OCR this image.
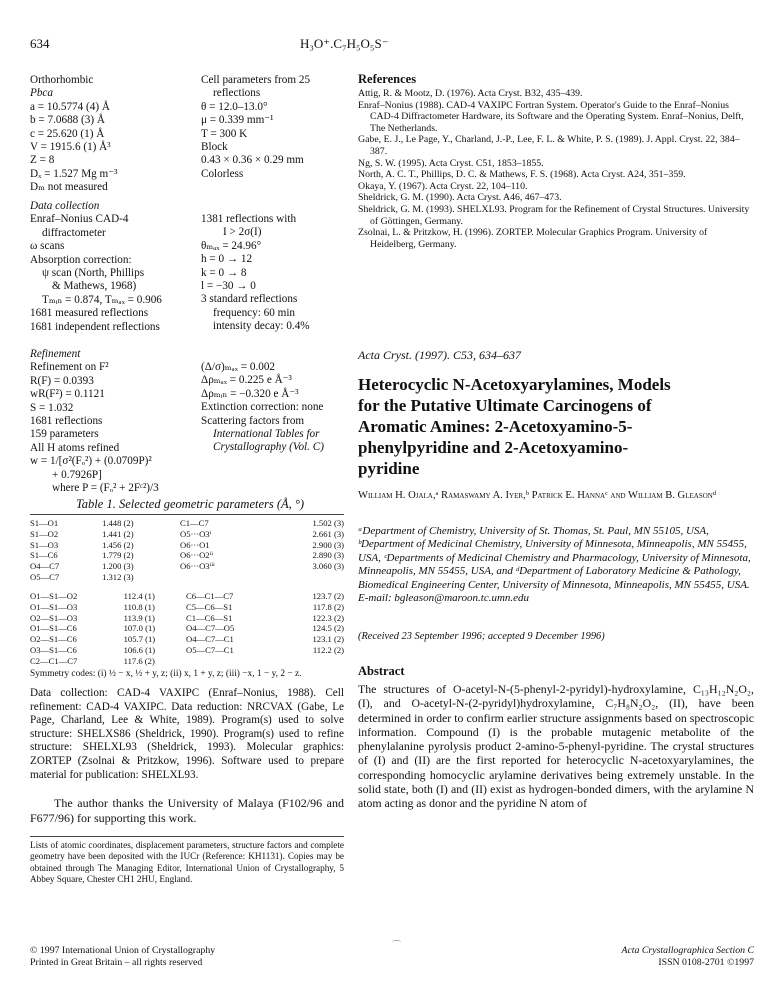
634	H₃O⁺.C₇H₅O₅S⁻
Orthorhombic
Pbca
a = 10.5774 (4) Å
b = 7.0688 (3) Å
c = 25.620 (1) Å
V = 1915.6 (1) Å³
Z = 8
Dₓ = 1.527 Mg m⁻³
Dₘ not measured
Cell parameters from 25
reflections
θ = 12.0–13.0°
μ = 0.339 mm⁻¹
T = 300 K
Block
0.43 × 0.36 × 0.29 mm
Colorless
Data collection
Enraf–Nonius CAD-4
diffractometer
ω scans
Absorption correction:
ψ scan (North, Phillips
& Mathews, 1968)
Tₘᵢₙ = 0.874, Tₘₐₓ = 0.906
1681 measured reflections
1681 independent reflections
1381 reflections with
I > 2σ(I)
θₘₐₓ = 24.96°
h = 0 → 12
k = 0 → 8
l = −30 → 0
3 standard reflections
frequency: 60 min
intensity decay: 0.4%
Refinement
Refinement on F²
R(F) = 0.0393
wR(F²) = 0.1121
S = 1.032
1681 reflections
159 parameters
All H atoms refined
w = 1/[σ²(Fₒ²) + (0.0709P)²
+ 0.7926P]
where P = (Fₒ² + 2Fᶜ²)/3
(Δ/σ)ₘₐₓ = 0.002
Δρₘₐₓ = 0.225 e Å⁻³
Δρₘᵢₙ = −0.320 e Å⁻³
Extinction correction: none
Scattering factors from
International Tables for
Crystallography (Vol. C)
Table 1. Selected geometric parameters (Å, °)
S1—O1	1.448 (2)	C1—C7	1.502 (3)
S1—O2	1.441 (2)	O5···O3ⁱ	2.661 (3)
S1—O3	1.456 (2)	O6···O1	2.900 (3)
S1—C6	1.779 (2)	O6···O2ⁱⁱ	2.890 (3)
O4—C7	1.200 (3)	O6···O3ⁱⁱⁱ	3.060 (3)
O5—C7	1.312 (3)		
O1—S1—O2	112.4 (1)	C6—C1—C7	123.7 (2)
O1—S1—O3	110.8 (1)	C5—C6—S1	117.8 (2)
O2—S1—O3	113.9 (1)	C1—C6—S1	122.3 (2)
O1—S1—C6	107.0 (1)	O4—C7—O5	124.5 (2)
O2—S1—C6	105.7 (1)	O4—C7—C1	123.1 (2)
O3—S1—C6	106.6 (1)	O5—C7—C1	112.2 (2)
C2—C1—C7	117.6 (2)		
Symmetry codes: (i) ½ − x, ½ + y, z; (ii) x, 1 + y, z; (iii) −x, 1 − y, 2 − z.
Data collection: CAD-4 VAXIPC (Enraf–Nonius, 1988). Cell refinement: CAD-4 VAXIPC. Data reduction: NRCVAX (Gabe, Le Page, Charland, Lee & White, 1989). Program(s) used to solve structure: SHELXS86 (Sheldrick, 1990). Program(s) used to refine structure: SHELXL93 (Sheldrick, 1993). Molecular graphics: ZORTEP (Zsolnai & Pritzkow, 1996). Software used to prepare material for publication: SHELXL93.
The author thanks the University of Malaya (F102/96 and F677/96) for supporting this work.
Lists of atomic coordinates, displacement parameters, structure factors and complete geometry have been deposited with the IUCr (Reference: KH1131). Copies may be obtained through The Managing Editor, International Union of Crystallography, 5 Abbey Square, Chester CH1 2HU, England.
© 1997 International Union of Crystallography
Printed in Great Britain – all rights reserved
⌒	Acta Crystallographica Section C
ISSN 0108-2701 ©1997
References
Attig, R. & Mootz, D. (1976). Acta Cryst. B32, 435–439.
Enraf–Nonius (1988). CAD-4 VAXIPC Fortran System. Operator's Guide to the Enraf–Nonius CAD-4 Diffractometer Hardware, its Software and the Operating System. Enraf–Nonius, Delft, The Netherlands.
Gabe, E. J., Le Page, Y., Charland, J.-P., Lee, F. L. & White, P. S. (1989). J. Appl. Cryst. 22, 384–387.
Ng, S. W. (1995). Acta Cryst. C51, 1853–1855.
North, A. C. T., Phillips, D. C. & Mathews, F. S. (1968). Acta Cryst. A24, 351–359.
Okaya, Y. (1967). Acta Cryst. 22, 104–110.
Sheldrick, G. M. (1990). Acta Cryst. A46, 467–473.
Sheldrick, G. M. (1993). SHELXL93. Program for the Refinement of Crystal Structures. University of Göttingen, Germany.
Zsolnai, L. & Pritzkow, H. (1996). ZORTEP. Molecular Graphics Program. University of Heidelberg, Germany.
Acta Cryst. (1997). C53, 634–637
Heterocyclic N-Acetoxyarylamines, Models for the Putative Ultimate Carcinogens of Aromatic Amines: 2-Acetoxyamino-5-phenylpyridine and 2-Acetoxyamino-pyridine
William H. Ojala,ᵃ Ramaswamy A. Iyer,ᵇ Patrick E. Hannaᶜ and William B. Gleasonᵈ
ᵃDepartment of Chemistry, University of St. Thomas, St. Paul, MN 55105, USA, ᵇDepartment of Medicinal Chemistry, University of Minnesota, Minneapolis, MN 55455, USA, ᶜDepartments of Medicinal Chemistry and Pharmacology, University of Minnesota, Minneapolis, MN 55455, USA, and ᵈDepartment of Laboratory Medicine & Pathology, Biomedical Engineering Center, University of Minnesota, Minneapolis, MN 55455, USA. E-mail: bgleason@maroon.tc.umn.edu
(Received 23 September 1996; accepted 9 December 1996)
Abstract
The structures of O-acetyl-N-(5-phenyl-2-pyridyl)-hydroxylamine, C₁₃H₁₂N₂O₂, (I), and O-acetyl-N-(2-pyridyl)hydroxylamine, C₇H₈N₂O₂, (II), have been determined in order to confirm earlier structure assignments based on spectroscopic information. Compound (I) is the probable mutagenic metabolite of the phenylalanine pyrolysis product 2-amino-5-phenyl-pyridine. The crystal structures of (I) and (II) are the first reported for heterocyclic N-acetoxyarylamines, the corresponding homocyclic arylamine derivatives being extremely unstable. In the solid state, both (I) and (II) exist as hydrogen-bonded dimers, with the arylamine N atom acting as donor and the pyridine N atom of
